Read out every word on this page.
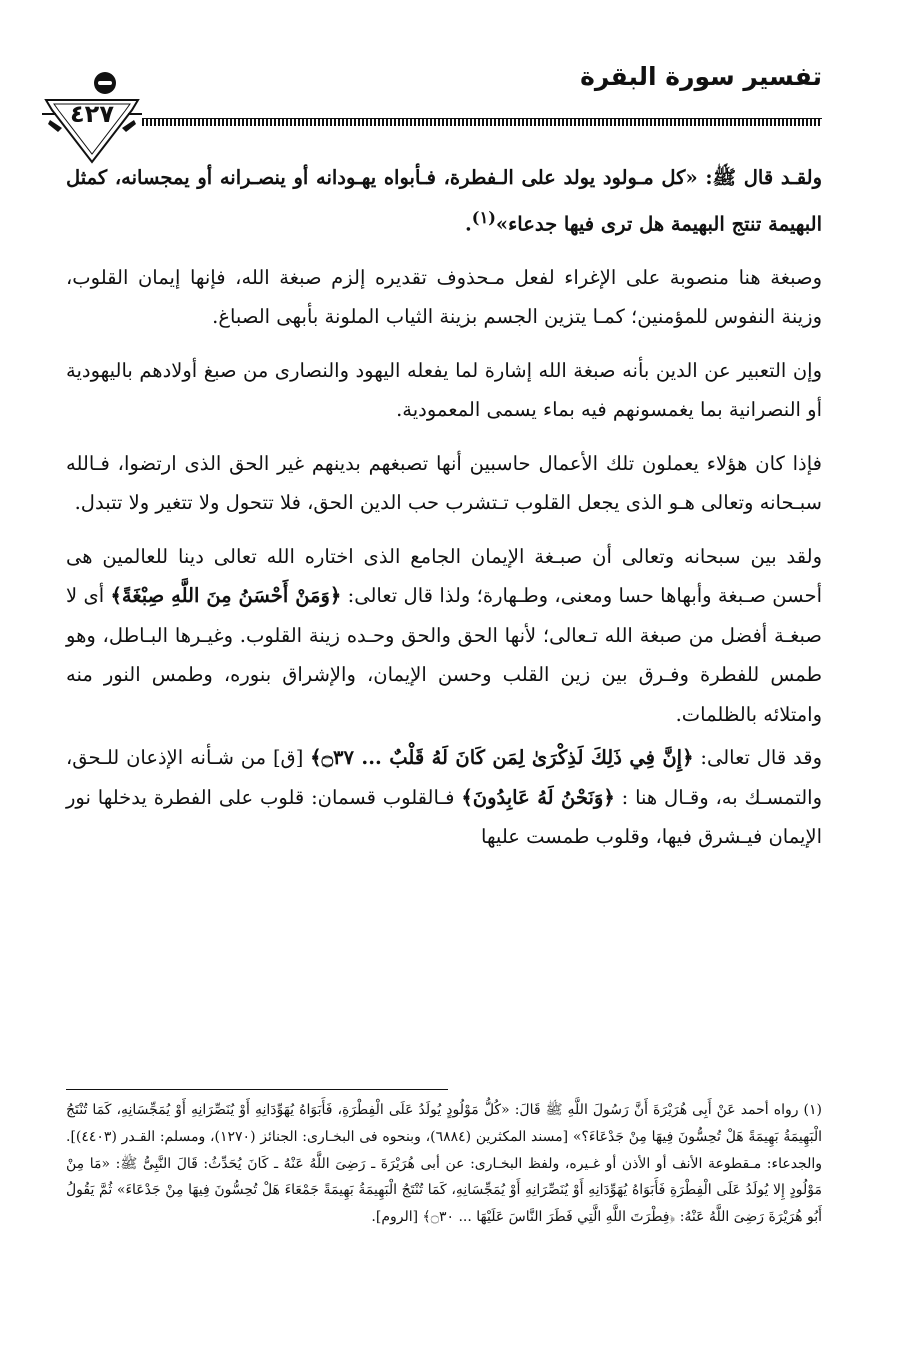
تفسير سورة البقرة
٤٢٧

ولقـد قال ﷺ: «كل مـولود يولد على الـفطرة، فـأبواه يهـودانه أو ينصـرانه أو يمجسانه، كمثل البهيمة تنتج البهيمة هل ترى فيها جدعاء»$^{(١)}$.

وصبغة هنا منصوبة على الإغراء لفعل مـحذوف تقديره إلزم صبغة الله، فإنها إيمان القلوب، وزينة النفوس للمؤمنين؛ كمـا يتزين الجسم بزينة الثياب الملونة بأبهى الصباغ.

وإن التعبير عن الدين بأنه صبغة الله إشارة لما يفعله اليهود والنصارى من صبغ أولادهم باليهودية أو النصرانية بما يغمسونهم فيه بماء يسمى المعمودية.

فإذا كان هؤلاء يعملون تلك الأعمال حاسبين أنها تصبغهم بدينهم غير الحق الذى ارتضوا، فـالله سبـحانه وتعالى هـو الذى يجعل القلوب تـتشرب حب الدين الحق، فلا تتحول ولا تتغير ولا تتبدل.

ولقد بين سبحانه وتعالى أن صبـغة الإيمان الجامع الذى اختاره الله تعالى دينا للعالمين هى أحسن صـبغة وأبهاها حسا ومعنى، وطـهارة؛ ولذا قال تعالى: ﴿وَمَنْ أَحْسَنُ مِنَ اللَّهِ صِبْغَةً﴾ أى لا صبغـة أفضل من صبغة الله تـعالى؛ لأنها الحق والحق وحـده زينة القلوب. وغيـرها البـاطل، وهو طمس للفطرة وفـرق بين زين القلب وحسن الإيمان، والإشراق بنوره، وطمس النور منه وامتلائه بالظلمات.

وقد قال تعالى: ﴿إِنَّ فِي ذَلِكَ لَذِكْرَىٰ لِمَن كَانَ لَهُ قَلْبٌ ... ۝٣٧﴾ [ق] من شـأنه الإذعان للـحق، والتمسـك به، وقـال هنا : ﴿وَنَحْنُ لَهُ عَابِدُونَ﴾ فـالقلوب قسمان: قلوب على الفطرة يدخلها نور الإيمان فيـشرق فيها، وقلوب طمست عليها

(١) رواه أحمد عَنْ أَبِى هُرَيْرَةَ أَنَّ رَسُولَ اللَّهِ ﷺ قَالَ: «كُلُّ مَوْلُودٍ يُولَدُ عَلَى الْفِطْرَةِ، فَأَبَوَاهُ يُهَوِّدَانِهِ أَوْ يُنَصِّرَانِهِ أَوْ يُمَجِّسَانِهِ، كَمَا تُنْتَجُ الْبَهِيمَةُ بَهِيمَةً هَلْ تُحِسُّونَ فِيهَا مِنْ جَدْعَاءَ؟» [مسند المكثرين (٦٨٨٤)، وبنحوه فى البخـارى: الجنائز (١٢٧٠)، ومسلم: القـدر (٤٤٠٣)]. والجدعاء: مـقطوعة الأنف أو الأذن أو غـيره، ولفظ البخـارى: عن أبى هُرَيْرَةَ ـ رَضِىَ اللَّهُ عَنْهُ ـ كَانَ يُحَدِّثُ: قَالَ النَّبِىُّ ﷺ: «مَا مِنْ مَوْلُودٍ إِلا يُولَدُ عَلَى الْفِطْرَةِ فَأَبَوَاهُ يُهَوِّدَانِهِ أَوْ يُنَصِّرَانِهِ أَوْ يُمَجِّسَانِهِ، كَمَا تُنْتَجُ الْبَهِيمَةُ بَهِيمَةً جَمْعَاءَ هَلْ تُحِسُّونَ فِيهَا مِنْ جَدْعَاءَ» ثُمَّ يَقُولُ أَبُو هُرَيْرَةَ رَضِىَ اللَّهُ عَنْهُ: ﴿فِطْرَتَ اللَّهِ الَّتِي فَطَرَ النَّاسَ عَلَيْهَا ... ۝٣٠﴾ [الروم].
